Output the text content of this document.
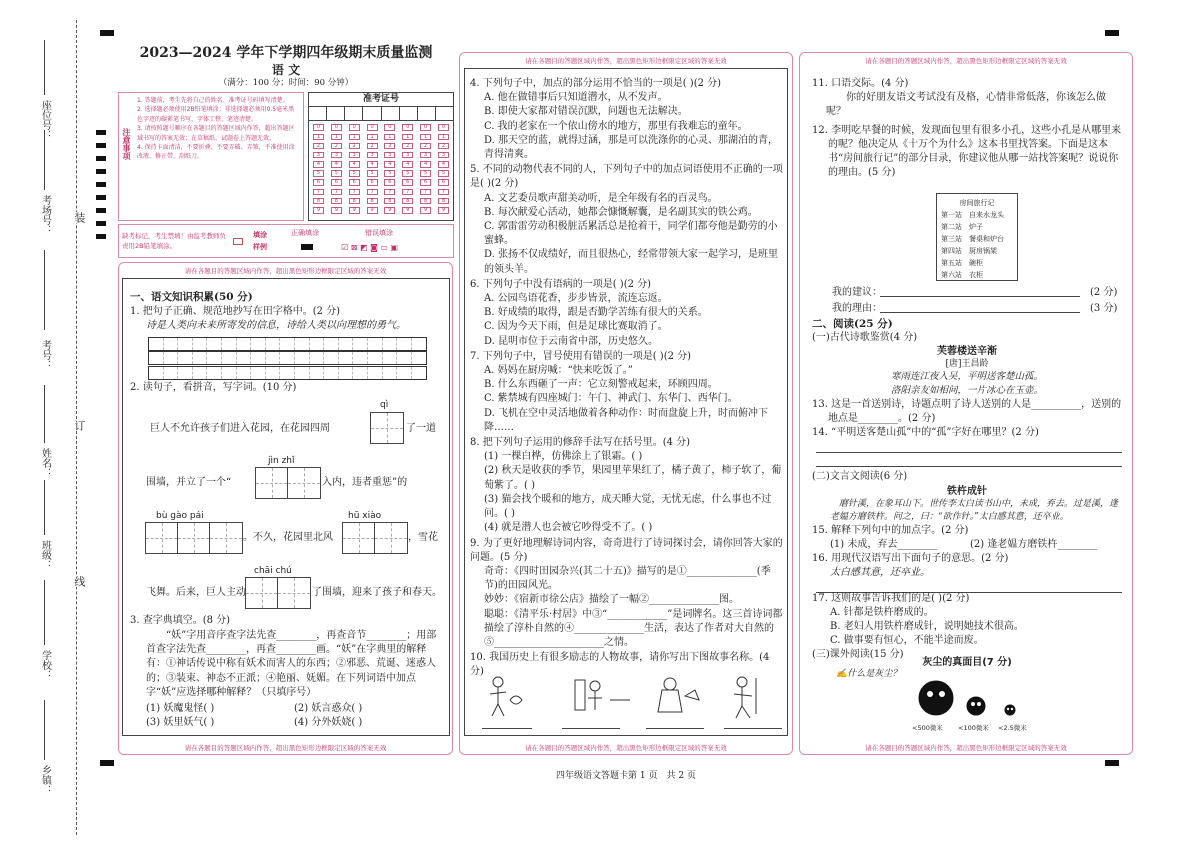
座位号：
考场号：
考号：
姓名：
班级：
学校：
乡镇：
装
订
线
2023—2024 学年下学期四年级期末质量监测
语 文
（满分：100 分；时间：90 分钟）
注意事项
1. 答题前，考生先将自己的姓名、准考证号码填写清楚。
2. 选择题必须使用2B铅笔填涂；非选择题必须用0.5毫米黑色字迹的碳素笔书写，字体工整、笔迹清楚。
3. 请按照题号顺序在各题目的答题区域内作答，超出答题区域书写的答案无效；在草稿纸、试题卷上答题无效。
4. 保持卡面清洁，不要折叠、不要弄破、弄皱，不准使用涂改液、修正带、刮纸刀。
准考证号
0	0	0	0	0	0	0	0
1	1	1	1	1	1	1	1
2	2	2	2	2	2	2	2
3	3	3	3	3	3	3	3
4	4	4	4	4	4	4	4
5	5	5	5	5	5	5	5
6	6	6	6	6	6	6	6
7	7	7	7	7	7	7	7
8	8	8	8	8	8	8	8
9	9	9	9	9	9	9	9
缺考标记，考生禁填！由监考教师负责用2B铅笔填涂。
填涂样例
正确填涂	错误填涂
☑ ⊠ ◩ ◙ ▭ ▣
请在各题目的答题区域内作答，超出黑色矩形边框限定区域的答案无效
请在各题目的答题区域内作答，超出黑色矩形边框限定区域的答案无效
一、语文知识积累(50 分)
1. 把句子正确、规范地抄写在田字格中。(2 分)
诗是人类向未来所寄发的信息，诗给人类以向理想的勇气。
2. 读句子，看拼音，写字词。(10 分)
qì
巨人不允许孩子们进入花园，在花园四周	了一道
jìn zhǐ
围墙，并立了一个“	入内，违者重惩”的
bù gào pái
。不久，花园里北风
hū xiào
，雪花
chāi chú
飞舞。后来，巨人主动	了围墙，迎来了孩子和春天。
3. 查字典填空。(8 分)
“妖”字用音序查字法先查________，再查音节________；用部首查字法先查________，再查________画。“妖”在字典里的解释有：①神话传说中称有妖术而害人的东西；②邪恶、荒诞、迷惑人的；③装束、神态不正派；④艳丽、妩媚。在下列词语中加点字“妖”应选择哪种解释？（只填序号）
(1) 妖魔鬼怪( )	(2) 妖言惑众( )
(3) 妖里妖气( )	(4) 分外妖娆( )
请在各题目的答题区域内作答，超出黑色矩形边框限定区域的答案无效
请在各题目的答题区域内作答，超出黑色矩形边框限定区域的答案无效
4. 下列句子中，加点的部分运用不恰当的一项是( )(2 分)
A. 他在做错事后只知道潜水，从不发声。
B. 即使大家都对错误沉默，问题也无法解决。
C. 我的老家在一个依山傍水的地方，那里有我难忘的童年。
D. 那天空的蓝，就得过涵，那是可以洗涤你的心灵、那湖泊的青，青得清爽。
5. 不同的动物代表不同的人，下列句子中的加点词语使用不正确的一项是( )(2 分)
A. 文艺委员歌声甜美动听，是全年级有名的百灵鸟。
B. 每次献爱心活动，她都会慷慨解囊，是名副其实的铁公鸡。
C. 郭雷雷劳动积极脏活累活总是抢着干，同学们都夸他是勤劳的小蜜蜂。
D. 张扬不仅成绩好，而且很热心，经常带领大家一起学习，是班里的领头羊。
6. 下列句子中没有语病的一项是( )(2 分)
A. 公园鸟语花香，步步皆景，流连忘返。
B. 好成绩的取得，跟是否勤学苦练有很大的关系。
C. 因为今天下雨，但是足球比赛取消了。
D. 昆明市位于云南省中部，历史悠久。
7. 下列句子中，冒号使用有错误的一项是( )(2 分)
A. 妈妈在厨房喊：“快来吃饭了。”
B. 什么东西砸了一声：它立刻警戒起来，环顾四周。
C. 紫禁城有四座城门：午门、神武门、东华门、西华门。
D. 飞机在空中灵活地做着各种动作：时而盘旋上升，时而俯冲下降……
8. 把下列句子运用的修辞手法写在括号里。(4 分)
(1) 一棵白桦，仿佛涂上了银霜。( )
(2) 秋天是收获的季节，果园里苹果红了，橘子黄了，柿子软了，葡萄紫了。( )
(3) 猫会找个暖和的地方，成天睡大觉，无忧无虑，什么事也不过问。( )
(4) 就是潜人也会被它吵得受不了。( )
9. 为了更好地理解诗词内容，奇奇进行了诗词探讨会，请你回答大家的问题。(5 分)
奇奇：《四时田园杂兴(其二十五)》描写的是①______________(季节)的田园风光。
妙妙：《宿新市徐公店》描绘了一幅②______________图。
聪聪：《清平乐·村居》中③“____________”是词牌名。这三首诗词都描绘了淳朴自然的④______________生活，表达了作者对大自然的⑤______________________之情。
10. 我国历史上有很多励志的人物故事，请你写出下图故事名称。(4 分)
请在各题目的答题区域内作答，超出黑色矩形边框限定区域的答案无效
请在各题目的答题区域内作答，超出黑色矩形边框限定区域的答案无效
11. 口语交际。(4 分)
你的好朋友语文考试没有及格，心情非常低落，你该怎么做呢？
12. 李明吃早餐的时候，发现面包里有很多小孔，这些小孔是从哪里来的呢？他决定从《十万个为什么》这本书里找答案。下面是这本书“房间旅行记”的部分目录，你建议他从哪一站找答案呢？说说你的理由。(5 分)
房间旅行记
第一站　自来水龙头
第二站　炉子
第三站　餐桌和炉台
第四站　厨房锅架
第五站　碗柜
第六站　衣柜
我的建议：	(2 分)
我的理由：	(3 分)
二、阅读(25 分)
(一)古代诗歌鉴赏(4 分)
芙蓉楼送辛渐
[唐]王昌龄
寒雨连江夜入吴，平明送客楚山孤。
洛阳亲友如相问，一片冰心在玉壶。
13. 这是一首送别诗，诗题点明了诗人送别的人是__________，送别的地点是________。(2 分)
14. “平明送客楚山孤”中的“孤”字好在哪里？(2 分)
(二)文言文阅读(6 分)
铁杵成针
磨针溪，在象耳山下。世传李太白读书山中，未成，弃去。过是溪，逢老媪方磨铁杵。问之，曰：“欲作针。”太白感其意，还卒业。
15. 解释下列句中的加点字。(2 分)
(1) 未成，弃去________	(2) 逢老媪方磨铁杵________
16. 用现代汉语写出下面句子的意思。(2 分)
太白感其意，还卒业。
17. 这则故事告诉我们的是( )(2 分)
A. 针都是铁杵磨成的。
B. 老妇人用铁杵磨成针，说明她技术很高。
C. 做事要有恒心，不能半途而废。
(三)课外阅读(15 分)
灰尘的真面目(7 分)
✍什么是灰尘？
<500微米 <100微米 <2.5微米
四年级语文答题卡第 1 页　共 2 页
